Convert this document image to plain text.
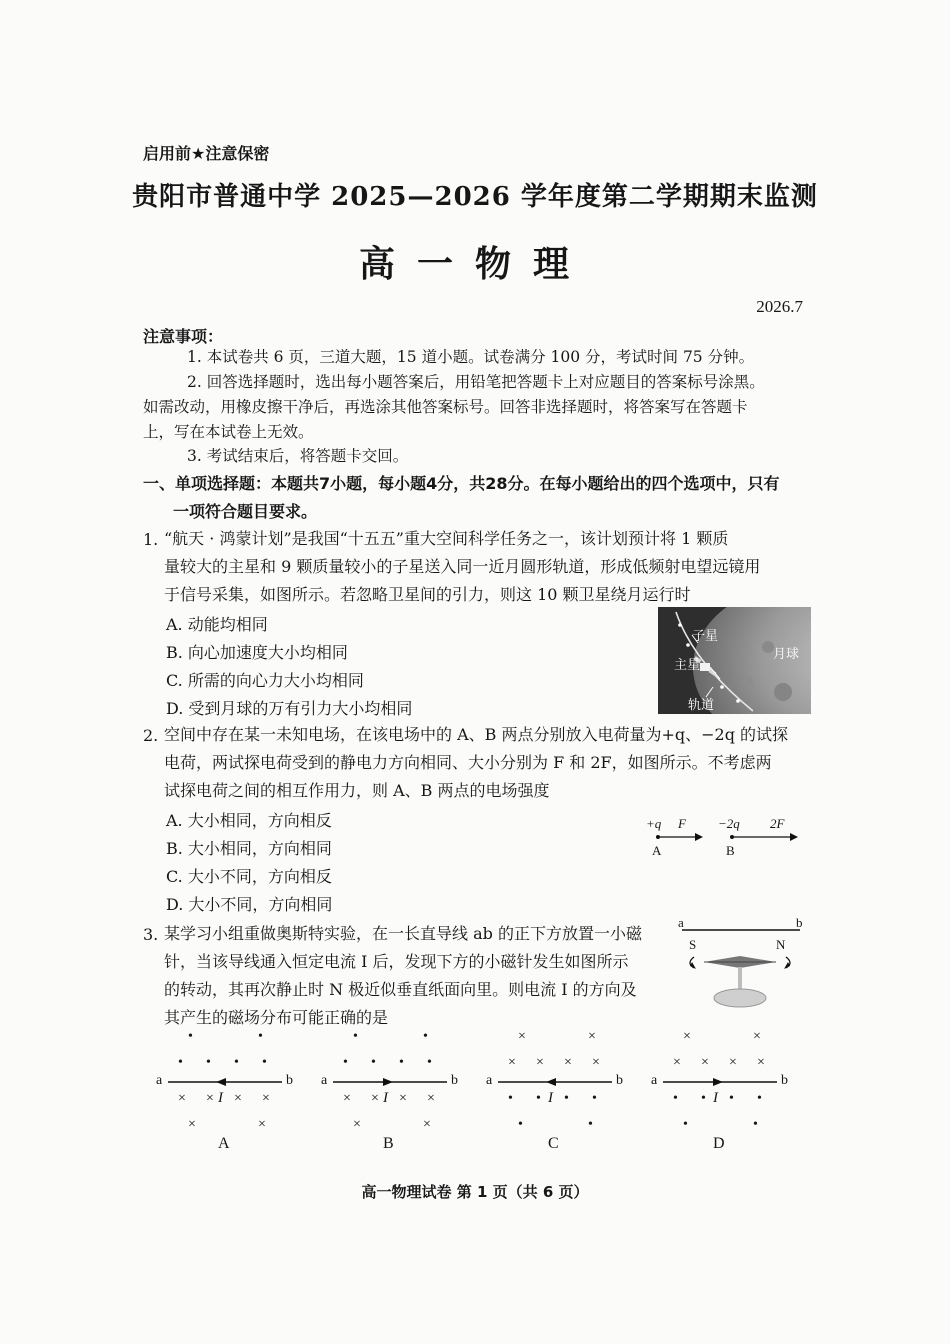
启用前★注意保密
贵阳市普通中学 2025—2026 学年度第二学期期末监测
高一物理
2026.7
注意事项：
1. 本试卷共 6 页，三道大题，15 道小题。试卷满分 100 分，考试时间 75 分钟。
2. 回答选择题时，选出每小题答案后，用铅笔把答题卡上对应题目的答案标号涂黑。
如需改动，用橡皮擦干净后，再选涂其他答案标号。回答非选择题时，将答案写在答题卡
上，写在本试卷上无效。
3. 考试结束后，将答题卡交回。
一、单项选择题：本题共7小题，每小题4分，共28分。在每小题给出的四个选项中，只有
一项符合题目要求。
1. “航天 · 鸿蒙计划”是我国“十五五”重大空间科学任务之一，该计划预计将 1 颗质
量较大的主星和 9 颗质量较小的子星送入同一近月圆形轨道，形成低频射电望远镜用
于信号采集，如图所示。若忽略卫星间的引力，则这 10 颗卫星绕月运行时
A. 动能均相同
B. 向心加速度大小均相同
C. 所需的向心力大小均相同
D. 受到月球的万有引力大小均相同
子星
主星
月球
轨道
2. 空间中存在某一未知电场，在该电场中的 A、B 两点分别放入电荷量为+q、−2q 的试探
电荷，两试探电荷受到的静电力方向相同、大小分别为 F 和 2F，如图所示。不考虑两
试探电荷之间的相互作用力，则 A、B 两点的电场强度
A. 大小相同，方向相反
B. 大小相同，方向相同
C. 大小不同，方向相反
D. 大小不同，方向相同
+q F
A
−2q 2F
B
3. 某学习小组重做奥斯特实验，在一长直导线 ab 的正下方放置一小磁
针，当该导线通入恒定电流 I 后，发现下方的小磁针发生如图所示
的转动，其再次静止时 N 极近似垂直纸面向里。则电流 I 的方向及
其产生的磁场分布可能正确的是
a	b
S	N
a	b
•	•
• • • •
× × × ×
I
×	×
A
a	b
•	•
• • • •
× × × ×
I
×	×
B
a	b
×	×
× × × ×
• • • •
I
•	•
C
a	b
×	×
× × × ×
• • • •
I
•	•
D
高一物理试卷 第 1 页（共 6 页）
